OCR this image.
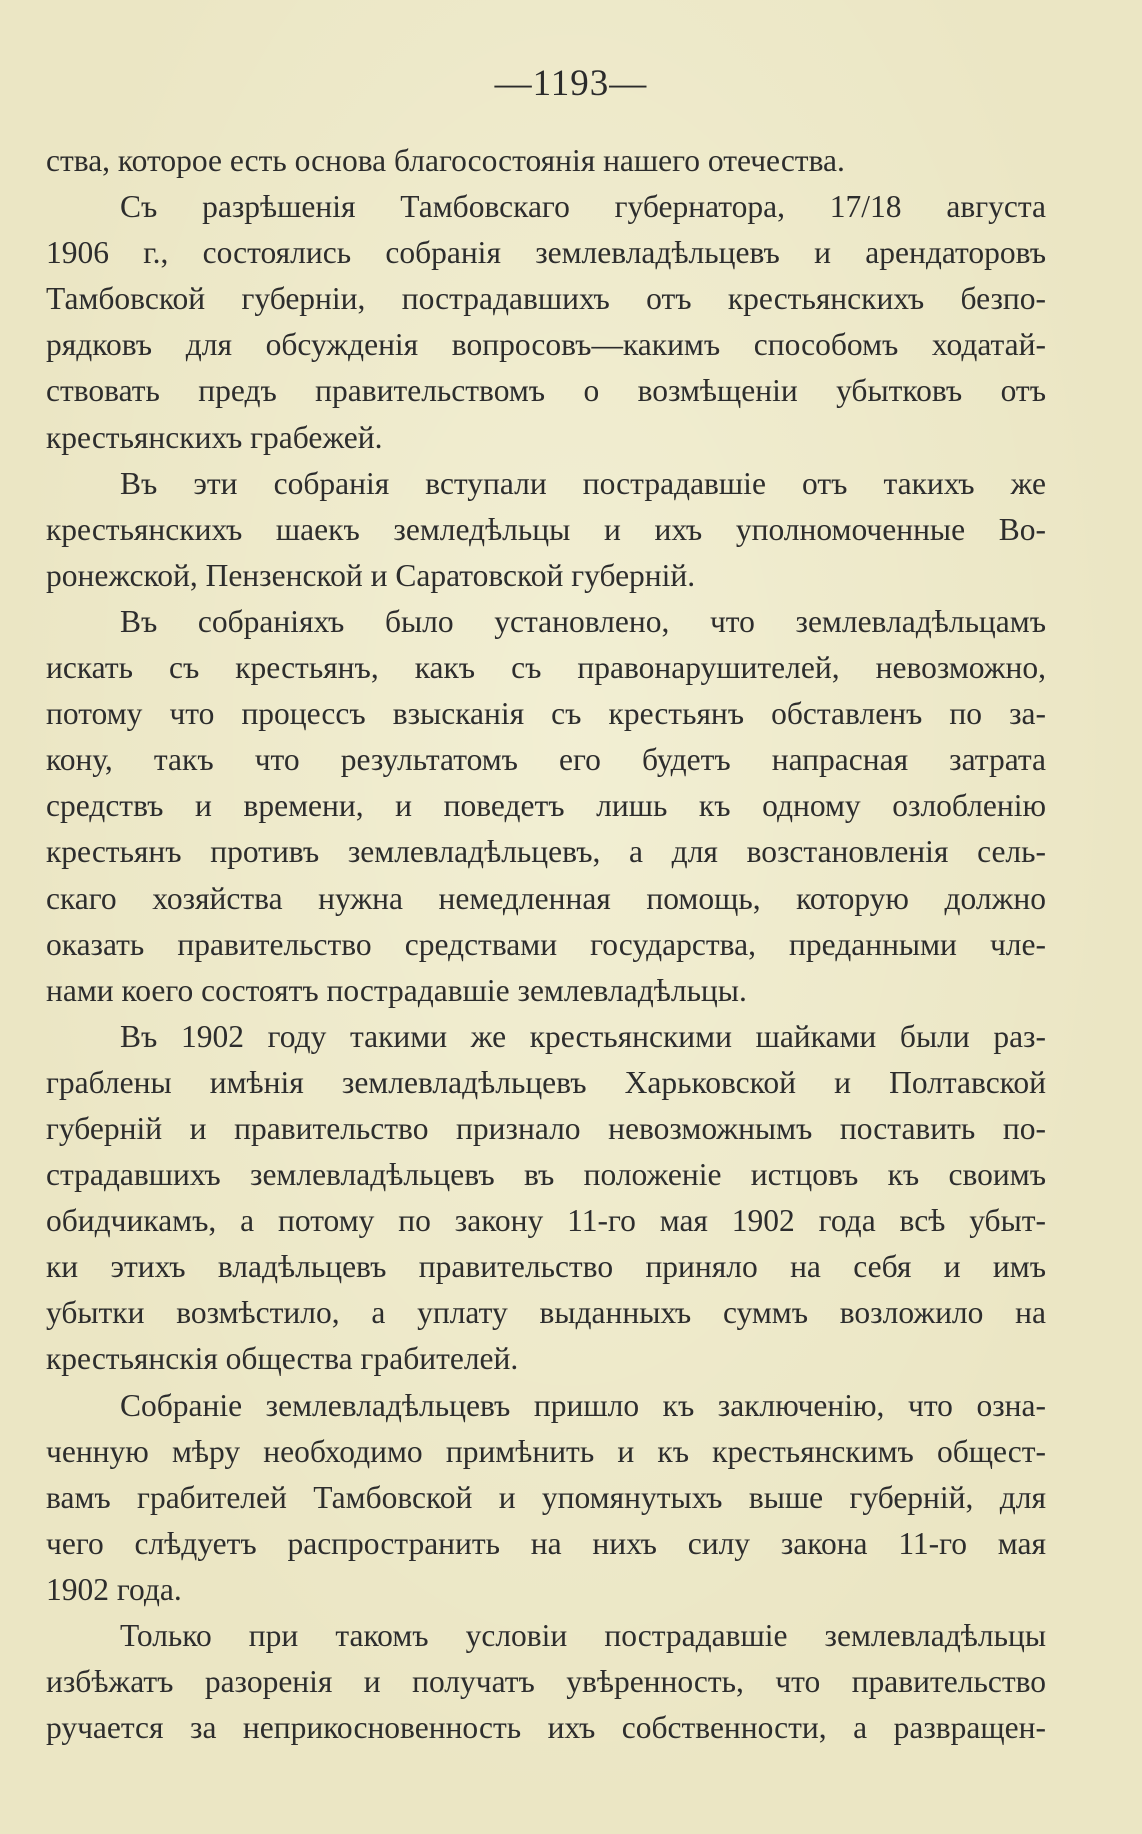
—1193—
ства, которое есть основа благосостоянія нашего отечества.
Съ разрѣшенія Тамбовскаго губернатора, 17/18 августа
1906 г., состоялись собранія землевладѣльцевъ и арендаторовъ
Тамбовской губерніи, пострадавшихъ отъ крестьянскихъ безпо-
рядковъ для обсужденія вопросовъ—какимъ способомъ ходатай-
ствовать предъ правительствомъ о возмѣщеніи убытковъ отъ
крестьянскихъ грабежей.
Въ эти собранія вступали пострадавшіе отъ такихъ же
крестьянскихъ шаекъ земледѣльцы и ихъ уполномоченные Во-
ронежской, Пензенской и Саратовской губерній.
Въ собраніяхъ было установлено, что землевладѣльцамъ
искать съ крестьянъ, какъ съ правонарушителей, невозможно,
потому что процессъ взысканія съ крестьянъ обставленъ по за-
кону, такъ что результатомъ его будетъ напрасная затрата
средствъ и времени, и поведетъ лишь къ одному озлобленію
крестьянъ противъ землевладѣльцевъ, а для возстановленія сель-
скаго хозяйства нужна немедленная помощь, которую должно
оказать правительство средствами государства, преданными чле-
нами коего состоятъ пострадавшіе землевладѣльцы.
Въ 1902 году такими же крестьянскими шайками были раз-
граблены имѣнія землевладѣльцевъ Харьковской и Полтавской
губерній и правительство признало невозможнымъ поставить по-
страдавшихъ землевладѣльцевъ въ положеніе истцовъ къ своимъ
обидчикамъ, а потому по закону 11-го мая 1902 года всѣ убыт-
ки этихъ владѣльцевъ правительство приняло на себя и имъ
убытки возмѣстило, а уплату выданныхъ суммъ возложило на
крестьянскія общества грабителей.
Собраніе землевладѣльцевъ пришло къ заключенію, что озна-
ченную мѣру необходимо примѣнить и къ крестьянскимъ общест-
вамъ грабителей Тамбовской и упомянутыхъ выше губерній, для
чего слѣдуетъ распространить на нихъ силу закона 11-го мая
1902 года.
Только при такомъ условіи пострадавшіе землевладѣльцы
избѣжатъ разоренія и получатъ увѣренность, что правительство
ручается за неприкосновенность ихъ собственности, а развращен-
